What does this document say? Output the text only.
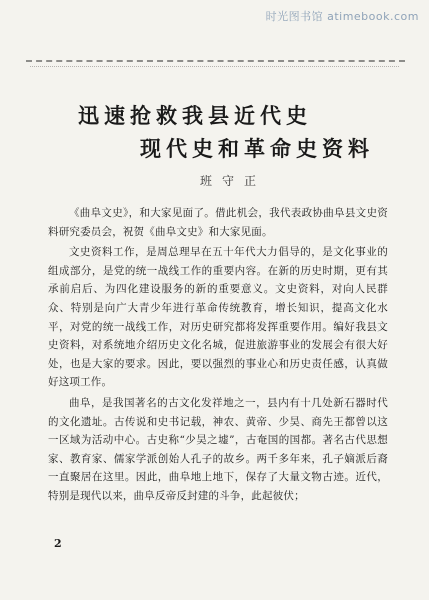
时光图书馆 atimebook.com
迅速抢救我县近代史
现代史和革命史资料
班守正

《曲阜文史》，和大家见面了。借此机会，我代表政协曲阜县文史资料研究委员会，祝贺《曲阜文史》和大家见面。

文史资料工作，是周总理早在五十年代大力倡导的，是文化事业的组成部分，是党的统一战线工作的重要内容。在新的历史时期，更有其承前启后、为四化建设服务的新的重要意义。文史资料，对向人民群众、特别是向广大青少年进行革命传统教育，增长知识，提高文化水平，对党的统一战线工作，对历史研究都将发挥重要作用。编好我县文史资料，对系统地介绍历史文化名城，促进旅游事业的发展会有很大好处，也是大家的要求。因此，要以强烈的事业心和历史责任感，认真做好这项工作。

曲阜，是我国著名的古文化发祥地之一，县内有十几处新石器时代的文化遗址。古传说和史书记载，神农、黄帝、少昊、商先王都曾以这一区域为活动中心。古史称“少昊之墟”，古奄国的国都。著名古代思想家、教育家、儒家学派创始人孔子的故乡。两千多年来，孔子嫡派后裔一直聚居在这里。因此，曲阜地上地下，保存了大量文物古迹。近代，特别是现代以来，曲阜反帝反封建的斗争，此起彼伏；

2
